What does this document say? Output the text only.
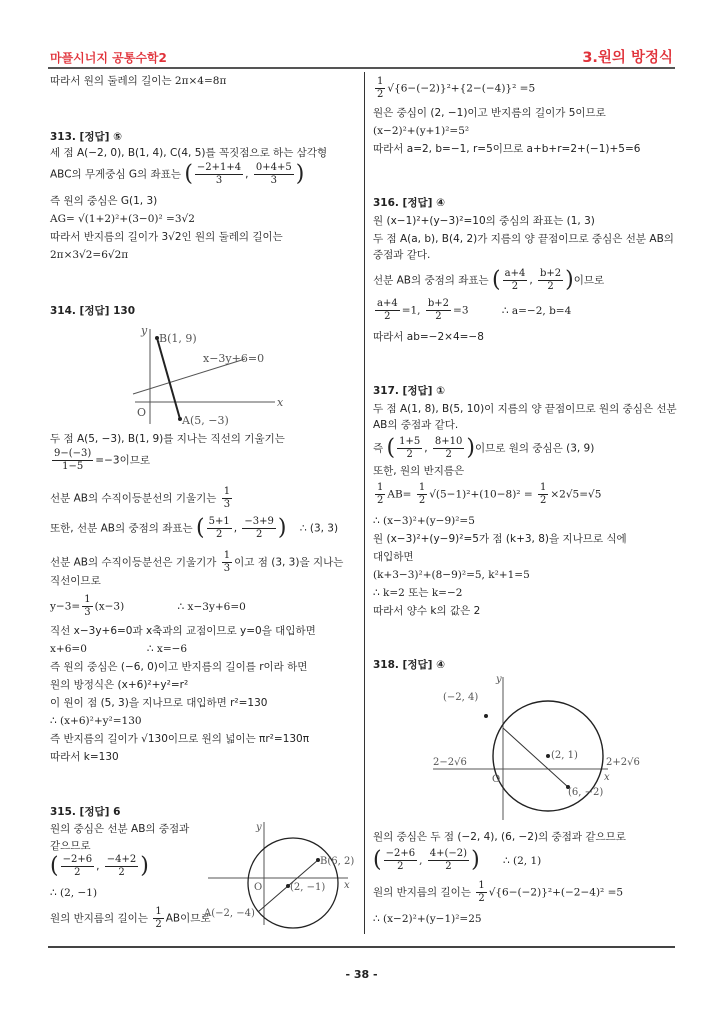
마플시너지 공통수학2	3.원의 방정식
따라서 원의 둘레의 길이는 2π×4=8π
313. [정답] ⑤
세 점 A(−2, 0), B(1, 4), C(4, 5)를 꼭짓점으로 하는 삼각형
ABC의 무게중심 G의 좌표는 ( $\frac{-2+1+4}{3}$ , $\frac{0+4+5}{3}$ )
즉 원의 중심은 G(1, 3)
AG= √(1+2)²+(3−0)² =3√2
따라서 반지름의 길이가 3√2인 원의 둘레의 길이는
2π×3√2=6√2π
314. [정답] 130
B(1, 9)
A(5, −3)
x−3y+6=0
O
x
y
두 점 A(5, −3), B(1, 9)를 지나는 직선의 기울기는
$\frac{9-(-3)}{1-5} =-3$이므로
선분 AB의 수직이등분선의 기울기는 $\frac{1}{3}$
또한, 선분 AB의 중점의 좌표는 ( $\frac{5+1}{2}$ , $\frac{-3+9}{2}$ ) ∴ (3, 3)
선분 AB의 수직이등분선은 기울기가 $\frac{1}{3}$ 이고 점 (3, 3)을 지나는
직선이므로
$y-3= \frac{1}{3} (x-3)$	∴ x−3y+6=0
직선 x−3y+6=0과 x축과의 교점이므로 y=0을 대입하면
x+6=0	∴ x=−6
즉 원의 중심은 (−6, 0)이고 반지름의 길이를 r이라 하면
원의 방정식은 (x+6)²+y²=r²
이 원이 점 (5, 3)을 지나므로 대입하면 r²=130
∴ (x+6)²+y²=130
즉 반지름의 길이가 √130이므로 원의 넓이는 πr²=130π
따라서 k=130
315. [정답] 6
원의 중심은 선분 AB의 중점과
같으므로
( $\frac{-2+6}{2}$ , $\frac{-4+2}{2}$ )
∴ (2, −1)
원의 반지름의 길이는 $\frac{1}{2}$ AB이므로
B(6, 2)
A(−2, −4)
(2, −1)
O	x
y
$\frac{1}{2} √\{6-(-2)\}^2+\{2-(-4)\}^2 =5$
원은 중심이 (2, −1)이고 반지름의 길이가 5이므로
(x−2)²+(y+1)²=5²
따라서 a=2, b=−1, r=5이므로 a+b+r=2+(−1)+5=6
316. [정답] ④
원 (x−1)²+(y−3)²=10의 중심의 좌표는 (1, 3)
두 점 A(a, b), B(4, 2)가 지름의 양 끝점이므로 중심은 선분 AB의
중점과 같다.
선분 AB의 중점의 좌표는 ( $\frac{a+4}{2}$ , $\frac{b+2}{2}$ )이므로
$\frac{a+4}{2} =1$, $\frac{b+2}{2} =3$	∴ a=−2, b=4
따라서 ab=−2×4=−8
317. [정답] ①
두 점 A(1, 8), B(5, 10)이 지름의 양 끝점이므로 원의 중심은 선분
AB의 중점과 같다.
즉 ( $\frac{1+5}{2}$ , $\frac{8+10}{2}$ )이므로 원의 중심은 (3, 9)
또한, 원의 반지름은
$\frac{1}{2} AB= \frac{1}{2} √(5-1)^2+(10-8)^2 = \frac{1}{2} \times 2√5=√5$
∴ (x−3)²+(y−9)²=5
원 (x−3)²+(y−9)²=5가 점 (k+3, 8)을 지나므로 식에
대입하면
(k+3−3)²+(8−9)²=5, k²+1=5
∴ k=2 또는 k=−2
따라서 양수 k의 값은 2
318. [정답] ④
(−2, 4)
(2, 1)
(6, −2)
2−2√6	2+2√6
O	x
y
원의 중심은 두 점 (−2, 4), (6, −2)의 중점과 같으므로
( $\frac{-2+6}{2}$ , $\frac{4+(-2)}{2}$ ) ∴ (2, 1)
원의 반지름의 길이는 $\frac{1}{2} √\{6-(-2)\}^2+(-2-4)^2 =5$
∴ (x−2)²+(y−1)²=25
- 38 -
